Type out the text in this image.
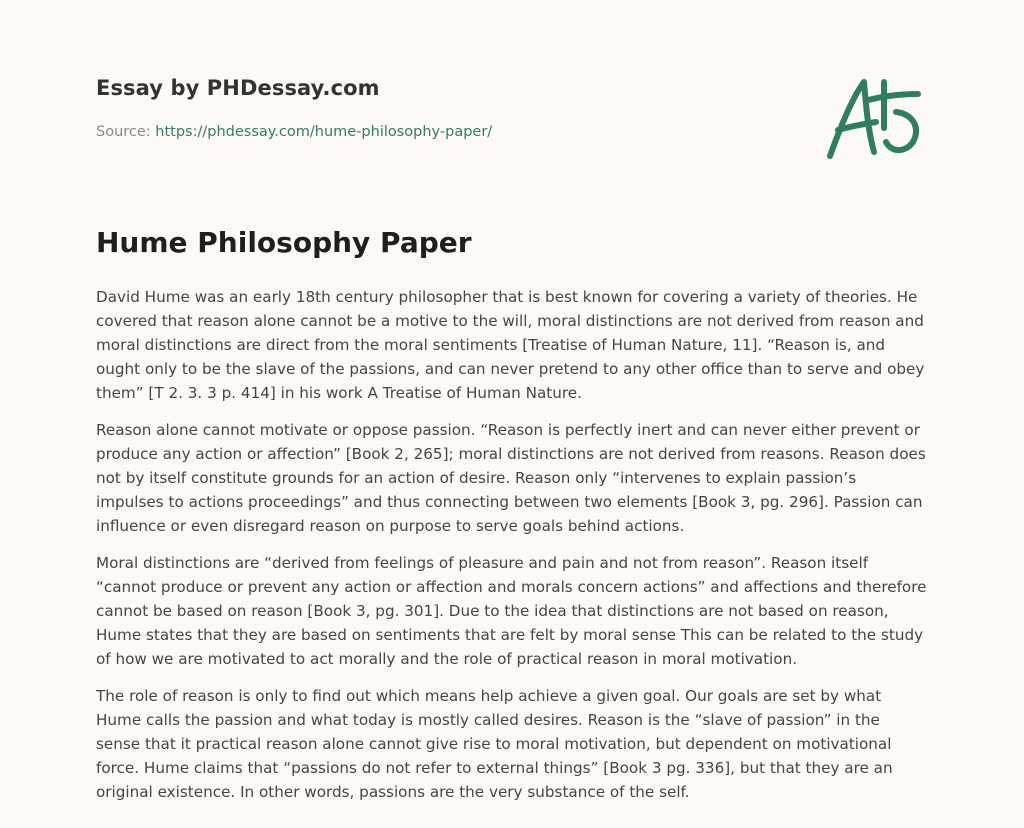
Essay by PHDessay.com
Source: https://phdessay.com/hume-philosophy-paper/
Hume Philosophy Paper

David Hume was an early 18th century philosopher that is best known for covering a variety of theories. He covered that reason alone cannot be a motive to the will, moral distinctions are not derived from reason and moral distinctions are direct from the moral sentiments [Treatise of Human Nature, 11]. “Reason is, and ought only to be the slave of the passions, and can never pretend to any other office than to serve and obey them” [T 2. 3. 3 p. 414] in his work A Treatise of Human Nature.

Reason alone cannot motivate or oppose passion. “Reason is perfectly inert and can never either prevent or produce any action or affection” [Book 2, 265]; moral distinctions are not derived from reasons. Reason does not by itself constitute grounds for an action of desire. Reason only “intervenes to explain passion’s impulses to actions proceedings” and thus connecting between two elements [Book 3, pg. 296]. Passion can influence or even disregard reason on purpose to serve goals behind actions.

Moral distinctions are “derived from feelings of pleasure and pain and not from reason”. Reason itself “cannot produce or prevent any action or affection and morals concern actions” and affections and therefore cannot be based on reason [Book 3, pg. 301]. Due to the idea that distinctions are not based on reason, Hume states that they are based on sentiments that are felt by moral sense This can be related to the study of how we are motivated to act morally and the role of practical reason in moral motivation.

The role of reason is only to find out which means help achieve a given goal. Our goals are set by what Hume calls the passion and what today is mostly called desires. Reason is the “slave of passion” in the sense that it practical reason alone cannot give rise to moral motivation, but dependent on motivational force. Hume claims that “passions do not refer to external things” [Book 3 pg. 336], but that they are an original existence. In other words, passions are the very substance of the self.
